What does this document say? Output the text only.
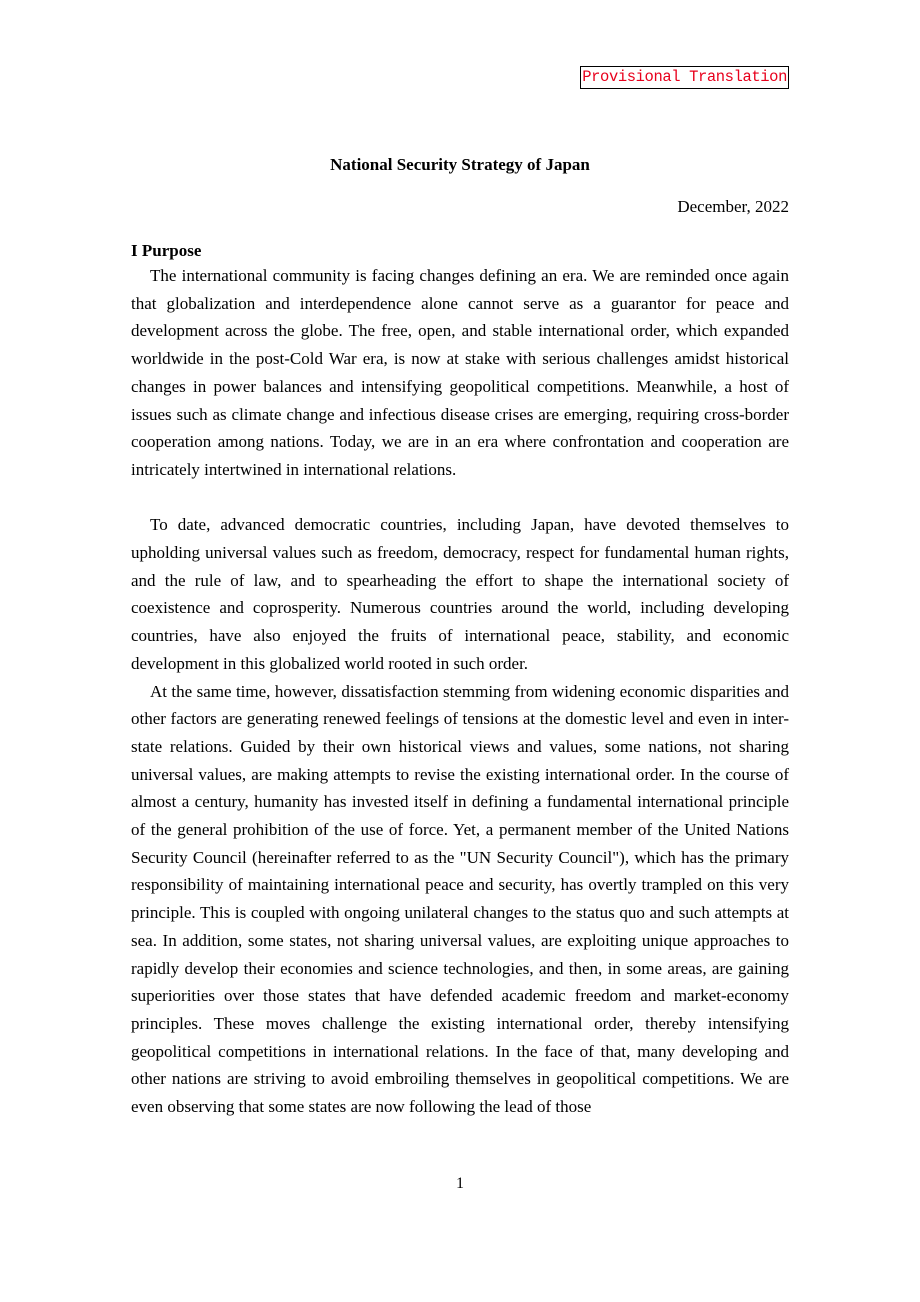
Provisional Translation
National Security Strategy of Japan
December, 2022
I Purpose

The international community is facing changes defining an era. We are reminded once again that globalization and interdependence alone cannot serve as a guarantor for peace and development across the globe. The free, open, and stable international order, which expanded worldwide in the post-Cold War era, is now at stake with serious challenges amidst historical changes in power balances and intensifying geopolitical competitions. Meanwhile, a host of issues such as climate change and infectious disease crises are emerging, requiring cross-border cooperation among nations. Today, we are in an era where confrontation and cooperation are intricately intertwined in international relations.

To date, advanced democratic countries, including Japan, have devoted themselves to upholding universal values such as freedom, democracy, respect for fundamental human rights, and the rule of law, and to spearheading the effort to shape the international society of coexistence and coprosperity. Numerous countries around the world, including developing countries, have also enjoyed the fruits of international peace, stability, and economic development in this globalized world rooted in such order.

At the same time, however, dissatisfaction stemming from widening economic disparities and other factors are generating renewed feelings of tensions at the domestic level and even in inter-state relations. Guided by their own historical views and values, some nations, not sharing universal values, are making attempts to revise the existing international order. In the course of almost a century, humanity has invested itself in defining a fundamental international principle of the general prohibition of the use of force. Yet, a permanent member of the United Nations Security Council (hereinafter referred to as the "UN Security Council"), which has the primary responsibility of maintaining international peace and security, has overtly trampled on this very principle. This is coupled with ongoing unilateral changes to the status quo and such attempts at sea. In addition, some states, not sharing universal values, are exploiting unique approaches to rapidly develop their economies and science technologies, and then, in some areas, are gaining superiorities over those states that have defended academic freedom and market-economy principles. These moves challenge the existing international order, thereby intensifying geopolitical competitions in international relations. In the face of that, many developing and other nations are striving to avoid embroiling themselves in geopolitical competitions. We are even observing that some states are now following the lead of those

1
